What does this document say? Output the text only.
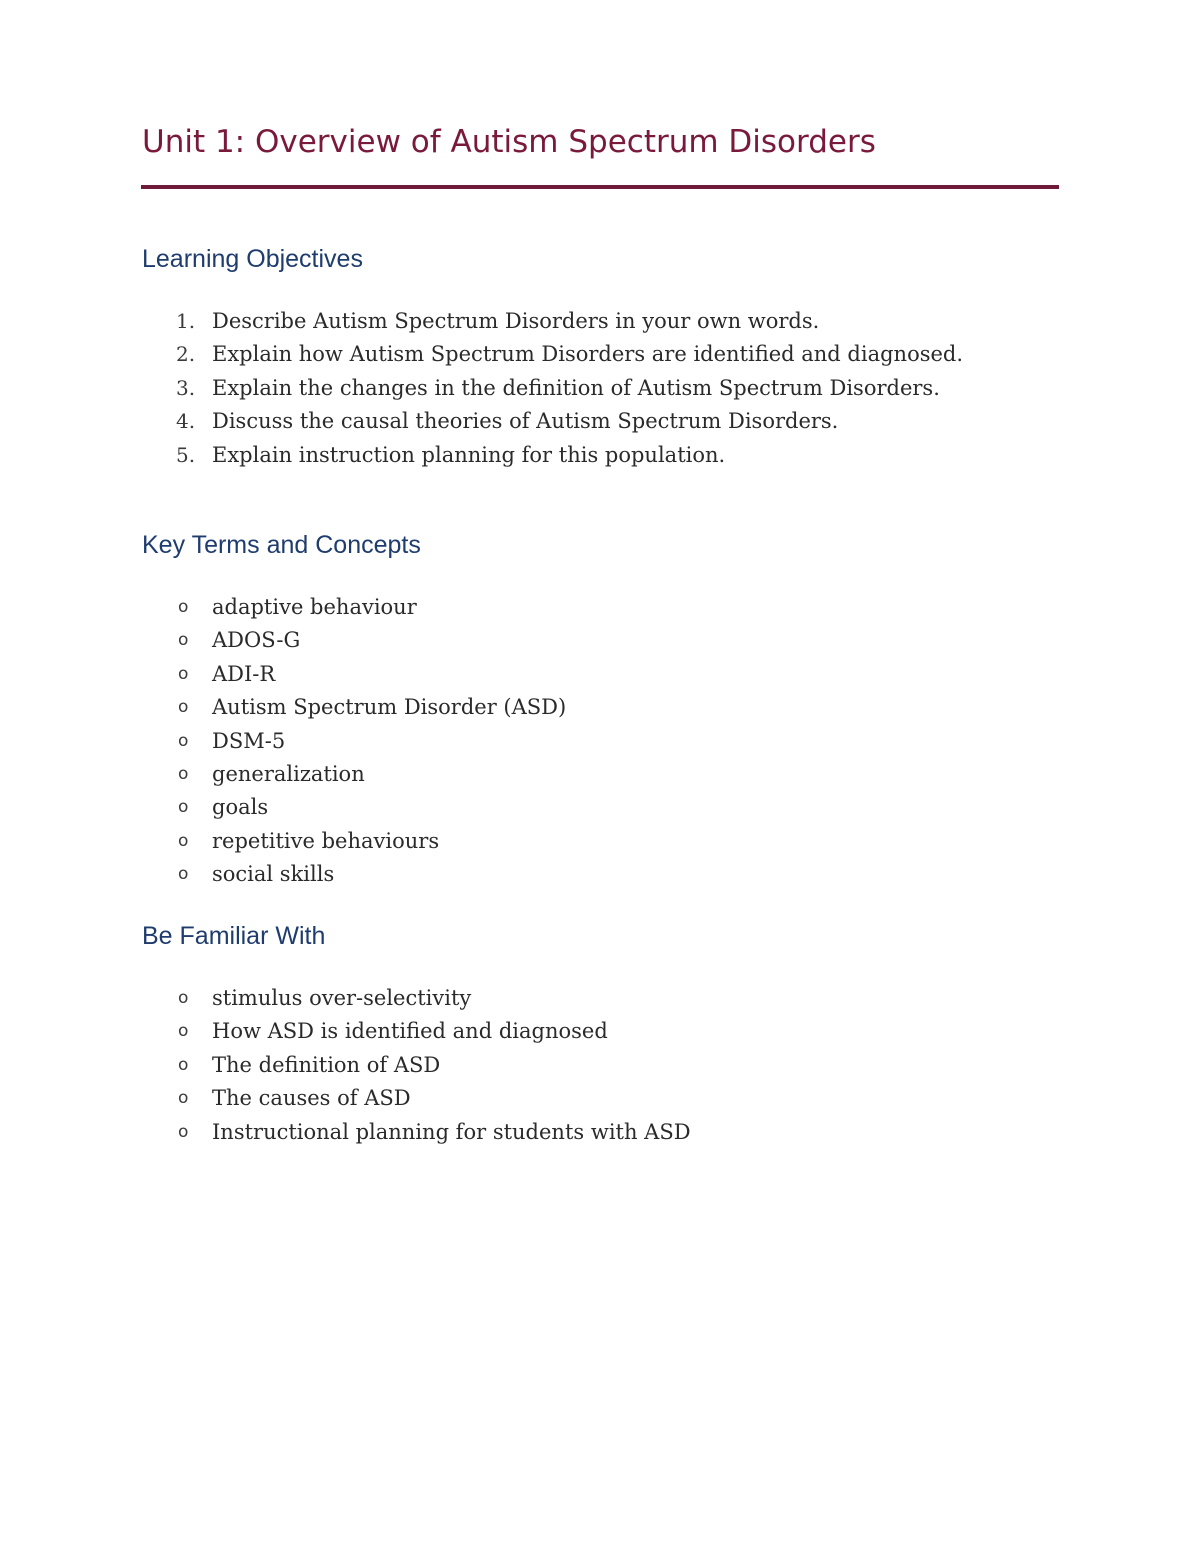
Unit 1: Overview of Autism Spectrum Disorders
Learning Objectives
1. Describe Autism Spectrum Disorders in your own words.
2. Explain how Autism Spectrum Disorders are identified and diagnosed.
3. Explain the changes in the definition of Autism Spectrum Disorders.
4. Discuss the causal theories of Autism Spectrum Disorders.
5. Explain instruction planning for this population.
Key Terms and Concepts
o	adaptive behaviour
o	ADOS-G
o	ADI-R
o	Autism Spectrum Disorder (ASD)
o	DSM-5
o	generalization
o	goals
o	repetitive behaviours
o	social skills
Be Familiar With
o	stimulus over-selectivity
o	How ASD is identified and diagnosed
o	The definition of ASD
o	The causes of ASD
o	Instructional planning for students with ASD
